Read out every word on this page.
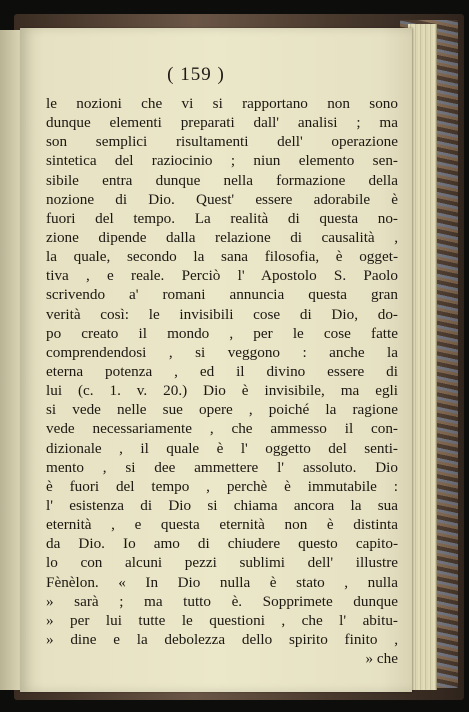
( 159 )
le nozioni che vi si rapportano non sono
dunque elementi preparati dall' analisi ; ma
son semplici risultamenti dell' operazione
sintetica del raziocinio ; niun elemento sen-
sibile entra dunque nella formazione della
nozione di Dio. Quest' essere adorabile è
fuori del tempo. La realità di questa no-
zione dipende dalla relazione di causalità ,
la quale, secondo la sana filosofia, è ogget-
tiva , e reale. Perciò l' Apostolo S. Paolo
scrivendo a' romani annuncia questa gran
verità così: le invisibili cose di Dio, do-
po creato il mondo , per le cose fatte
comprendendosi , si veggono : anche la
eterna potenza , ed il divino essere di
lui (c. 1. v. 20.) Dio è invisibile, ma egli
si vede nelle sue opere , poiché la ragione
vede necessariamente , che ammesso il con-
dizionale , il quale è l' oggetto del senti-
mento , si dee ammettere l' assoluto. Dio
è fuori del tempo , perchè è immutabile :
l' esistenza di Dio si chiama ancora la sua
eternità , e questa eternità non è distinta
da Dio. Io amo di chiudere questo capito-
lo con alcuni pezzi sublimi dell' illustre
Fènèlon. « In Dio nulla è stato , nulla
» sarà ; ma tutto è. Sopprimete dunque
» per lui tutte le questioni , che l' abitu-
» dine e la debolezza dello spirito finito ,
» che
